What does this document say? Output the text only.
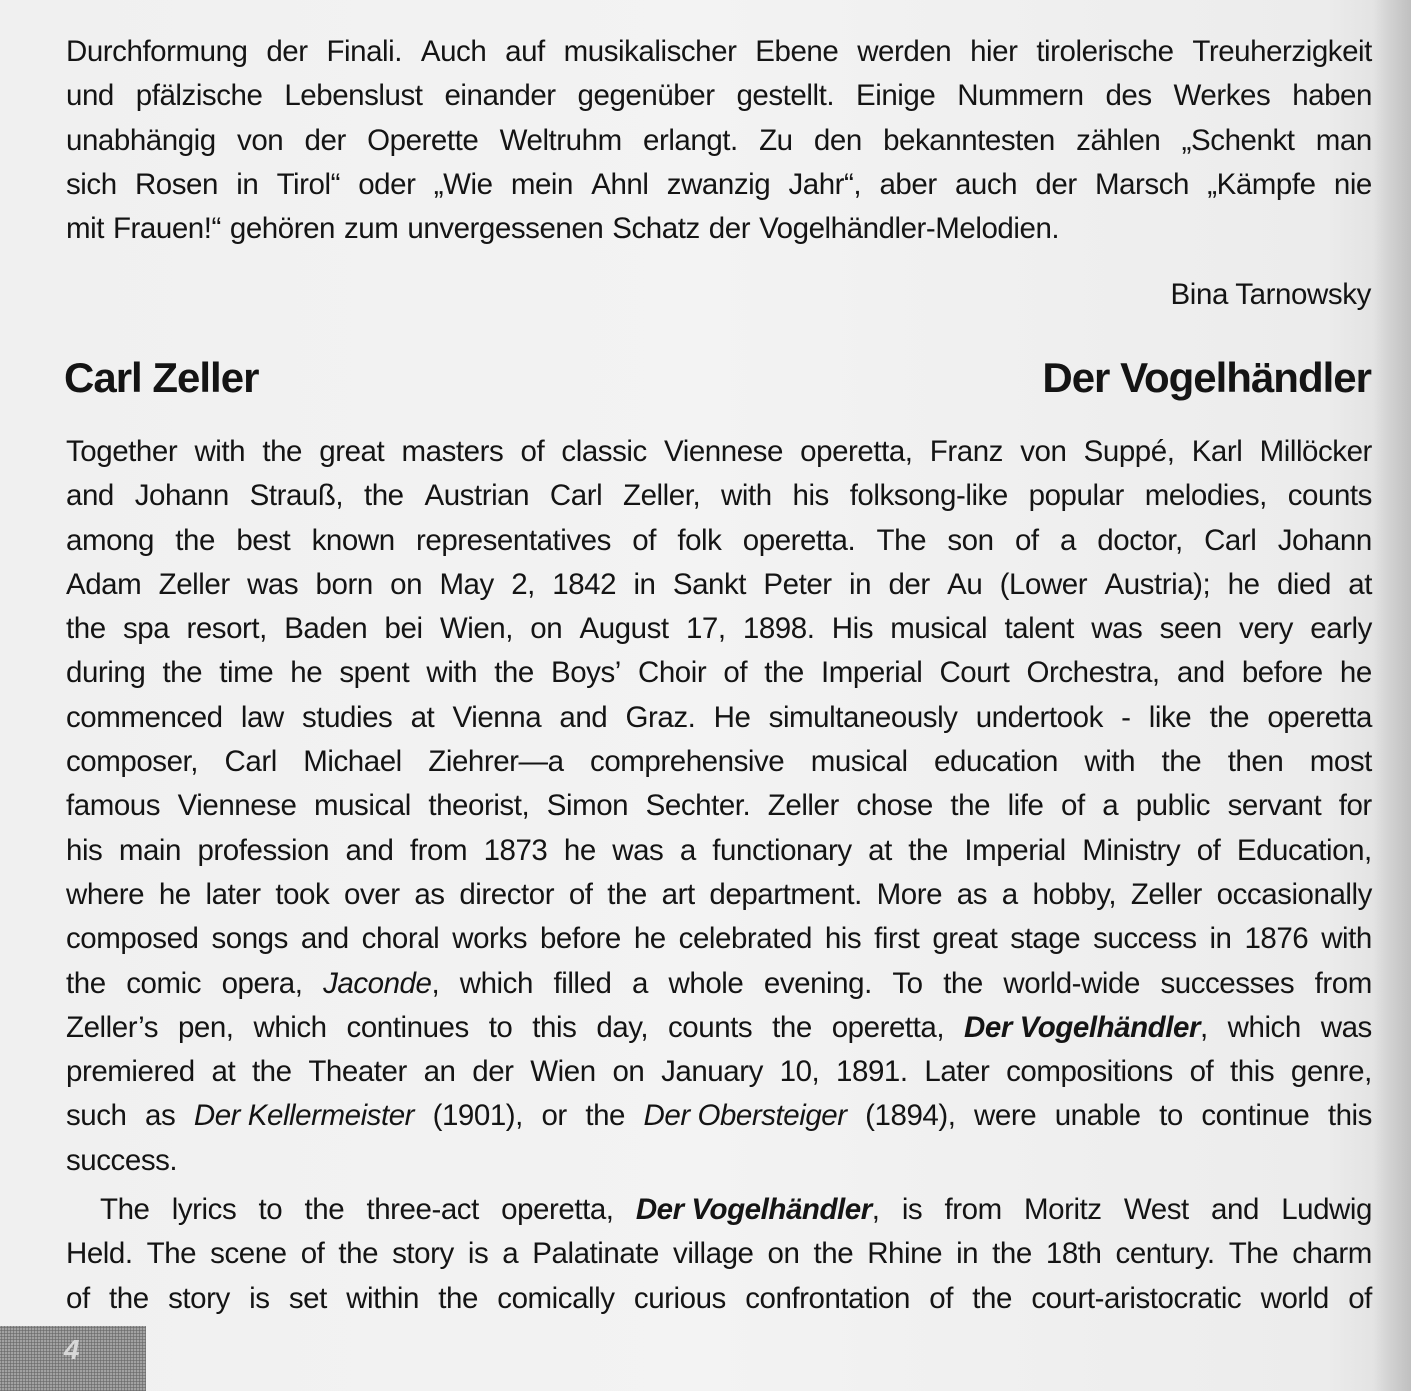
Durchformung der Finali. Auch auf musikalischer Ebene werden hier tirolerische Treuherzigkeit
und pfälzische Lebenslust einander gegenüber gestellt. Einige Nummern des Werkes haben
unabhängig von der Operette Weltruhm erlangt. Zu den bekanntesten zählen „Schenkt man
sich Rosen in Tirol“ oder „Wie mein Ahnl zwanzig Jahr“, aber auch der Marsch „Kämpfe nie
mit Frauen!“ gehören zum unvergessenen Schatz der Vogelhändler-Melodien.
Bina Tarnowsky
Carl Zeller	Der Vogelhändler
Together with the great masters of classic Viennese operetta, Franz von Suppé, Karl Millöcker
and Johann Strauß, the Austrian Carl Zeller, with his folksong-like popular melodies, counts
among the best known representatives of folk operetta. The son of a doctor, Carl Johann
Adam Zeller was born on May 2, 1842 in Sankt Peter in der Au (Lower Austria); he died at
the spa resort, Baden bei Wien, on August 17, 1898. His musical talent was seen very early
during the time he spent with the Boys’ Choir of the Imperial Court Orchestra, and before he
commenced law studies at Vienna and Graz. He simultaneously undertook - like the operetta
composer, Carl Michael Ziehrer—a comprehensive musical education with the then most
famous Viennese musical theorist, Simon Sechter. Zeller chose the life of a public servant for
his main profession and from 1873 he was a functionary at the Imperial Ministry of Education,
where he later took over as director of the art department. More as a hobby, Zeller occasionally
composed songs and choral works before he celebrated his first great stage success in 1876 with
the comic opera, Jaconde, which filled a whole evening. To the world-wide successes from
Zeller’s pen, which continues to this day, counts the operetta, Der Vogelhändler, which was
premiered at the Theater an der Wien on January 10, 1891. Later compositions of this genre,
such as Der Kellermeister (1901), or the Der Obersteiger (1894), were unable to continue this
success.
The lyrics to the three-act operetta, Der Vogelhändler, is from Moritz West and Ludwig
Held. The scene of the story is a Palatinate village on the Rhine in the 18th century. The charm
of the story is set within the comically curious confrontation of the court-aristocratic world of
4
